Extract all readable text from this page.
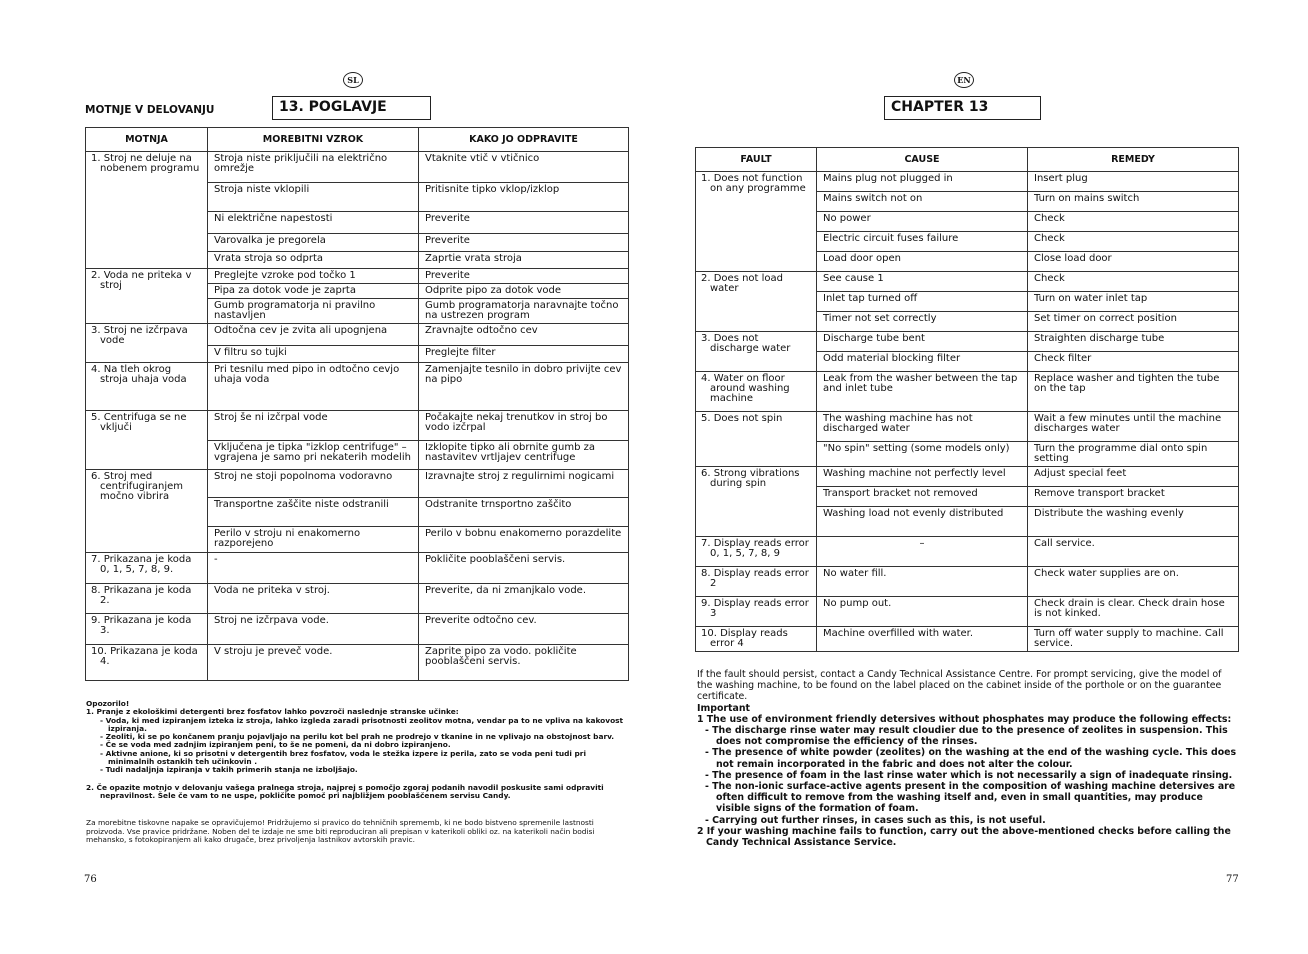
SL
MOTNJE V DELOVANJU	13. POGLAVJE
MOTNJA	MOREBITNI VZROK	KAKO JO ODPRAVITE
1. Stroj ne deluje na nobenem programu	Stroja niste priključili na električno omrežje	Vtaknite vtič v vtičnico
	Stroja niste vklopili	Pritisnite tipko vklop/izklop
	Ni električne napestosti	Preverite
	Varovalka je pregorela	Preverite
	Vrata stroja so odprta	Zaprtie vrata stroja
2. Voda ne priteka v stroj	Preglejte vzroke pod točko 1	Preverite
	Pipa za dotok vode je zaprta	Odprite pipo za dotok vode
	Gumb programatorja ni pravilno nastavljen	Gumb programatorja naravnajte točno na ustrezen program
3. Stroj ne izčrpava vode	Odtočna cev je zvita ali upognjena	Zravnajte odtočno cev
	V filtru so tujki	Preglejte filter
4. Na tleh okrog stroja uhaja voda	Pri tesnilu med pipo in odtočno cevjo uhaja voda	Zamenjajte tesnilo in dobro privijte cev na pipo
5. Centrifuga se ne vključi	Stroj še ni izčrpal vode	Počakajte nekaj trenutkov in stroj bo vodo izčrpal
	Vključena je tipka "izklop centrifuge" – vgrajena je samo pri nekaterih modelih	Izklopite tipko ali obrnite gumb za nastavitev vrtljajev centrifuge
6. Stroj med centrifugiranjem močno vibrira	Stroj ne stoji popolnoma vodoravno	Izravnajte stroj z regulirnimi nogicami
	Transportne zaščite niste odstranili	Odstranite trnsportno zaščito
	Perilo v stroju ni enakomerno razporejeno	Perilo v bobnu enakomerno porazdelite
7. Prikazana je koda 0, 1, 5, 7, 8, 9.	-	Pokličite pooblaščeni servis.
8. Prikazana je koda 2.	Voda ne priteka v stroj.	Preverite, da ni zmanjkalo vode.
9. Prikazana je koda 3.	Stroj ne izčrpava vode.	Preverite odtočno cev.
10. Prikazana je koda 4.	V stroju je preveč vode.	Zaprite pipo za vodo. pokličite pooblaščeni servis.
Opozorilo!
1. Pranje z ekološkimi detergenti brez fosfatov lahko povzroči naslednje stranske učinke:
- Voda, ki med izpiranjem izteka iz stroja, lahko izgleda zaradi prisotnosti zeolitov motna, vendar pa to ne vpliva na kakovost izpiranja.
- Zeoliti, ki se po končanem pranju pojavljajo na perilu kot bel prah ne prodrejo v tkanine in ne vplivajo na obstojnost barv.
- Če se voda med zadnjim izpiranjem peni, to še ne pomeni, da ni dobro izpiranjeno.
- Aktivne anione, ki so prisotni v detergentih brez fosfatov, voda le stežka izpere iz perila, zato se voda peni tudi pri minimalnih ostankih teh učinkovin .
- Tudi nadaljnja izpiranja v takih primerih stanja ne izboljšajo.
2. Če opazite motnjo v delovanju vašega pralnega stroja, najprej s pomočjo zgoraj podanih navodil poskusite sami odpraviti nepravilnost. Šele če vam to ne uspe, pokličite pomoč pri najbližjem pooblaščenem servisu Candy.
Za morebitne tiskovne napake se opravičujemo! Pridržujemo si pravico do tehničnih sprememb, ki ne bodo bistveno spremenile lastnosti proizvoda. Vse pravice pridržane. Noben del te izdaje ne sme biti reproduciran ali prepisan v katerikoli obliki oz. na katerikoli način bodisi mehansko, s fotokopiranjem ali kako drugače, brez privoljenja lastnikov avtorskih pravic.
76
EN
CHAPTER 13
FAULT	CAUSE	REMEDY
1. Does not function on any programme	Mains plug not plugged in	Insert plug
	Mains switch not on	Turn on mains switch
	No power	Check
	Electric circuit fuses failure	Check
	Load door open	Close load door
2. Does not load water	See cause 1	Check
	Inlet tap turned off	Turn on water inlet tap
	Timer not set correctly	Set timer on correct position
3. Does not discharge water	Discharge tube bent	Straighten discharge tube
	Odd material blocking filter	Check filter
4. Water on floor around washing machine	Leak from the washer between the tap and inlet tube	Replace washer and tighten the tube on the tap
5. Does not spin	The washing machine has not discharged water	Wait a few minutes until the machine discharges water
	"No spin" setting (some models only)	Turn the programme dial onto spin setting
6. Strong vibrations during spin	Washing machine not perfectly level	Adjust special feet
	Transport bracket not removed	Remove transport bracket
	Washing load not evenly distributed	Distribute the washing evenly
7. Display reads error 0, 1, 5, 7, 8, 9	–	Call service.
8. Display reads error 2	No water fill.	Check water supplies are on.
9. Display reads error 3	No pump out.	Check drain is clear. Check drain hose is not kinked.
10. Display reads error 4	Machine overfilled with water.	Turn off water supply to machine. Call service.
If the fault should persist, contact a Candy Technical Assistance Centre. For prompt servicing, give the model of the washing machine, to be found on the label placed on the cabinet inside of the porthole or on the guarantee certificate.
Important
1 The use of environment friendly detersives without phosphates may produce the following effects:
- The discharge rinse water may result cloudier due to the presence of zeolites in suspension. This does not compromise the efficiency of the rinses.
- The presence of white powder (zeolites) on the washing at the end of the washing cycle. This does not remain incorporated in the fabric and does not alter the colour.
- The presence of foam in the last rinse water which is not necessarily a sign of inadequate rinsing.
- The non-ionic surface-active agents present in the composition of washing machine detersives are often difficult to remove from the washing itself and, even in small quantities, may produce visible signs of the formation of foam.
- Carrying out further rinses, in cases such as this, is not useful.
2 If your washing machine fails to function, carry out the above-mentioned checks before calling the Candy Technical Assistance Service.
77
